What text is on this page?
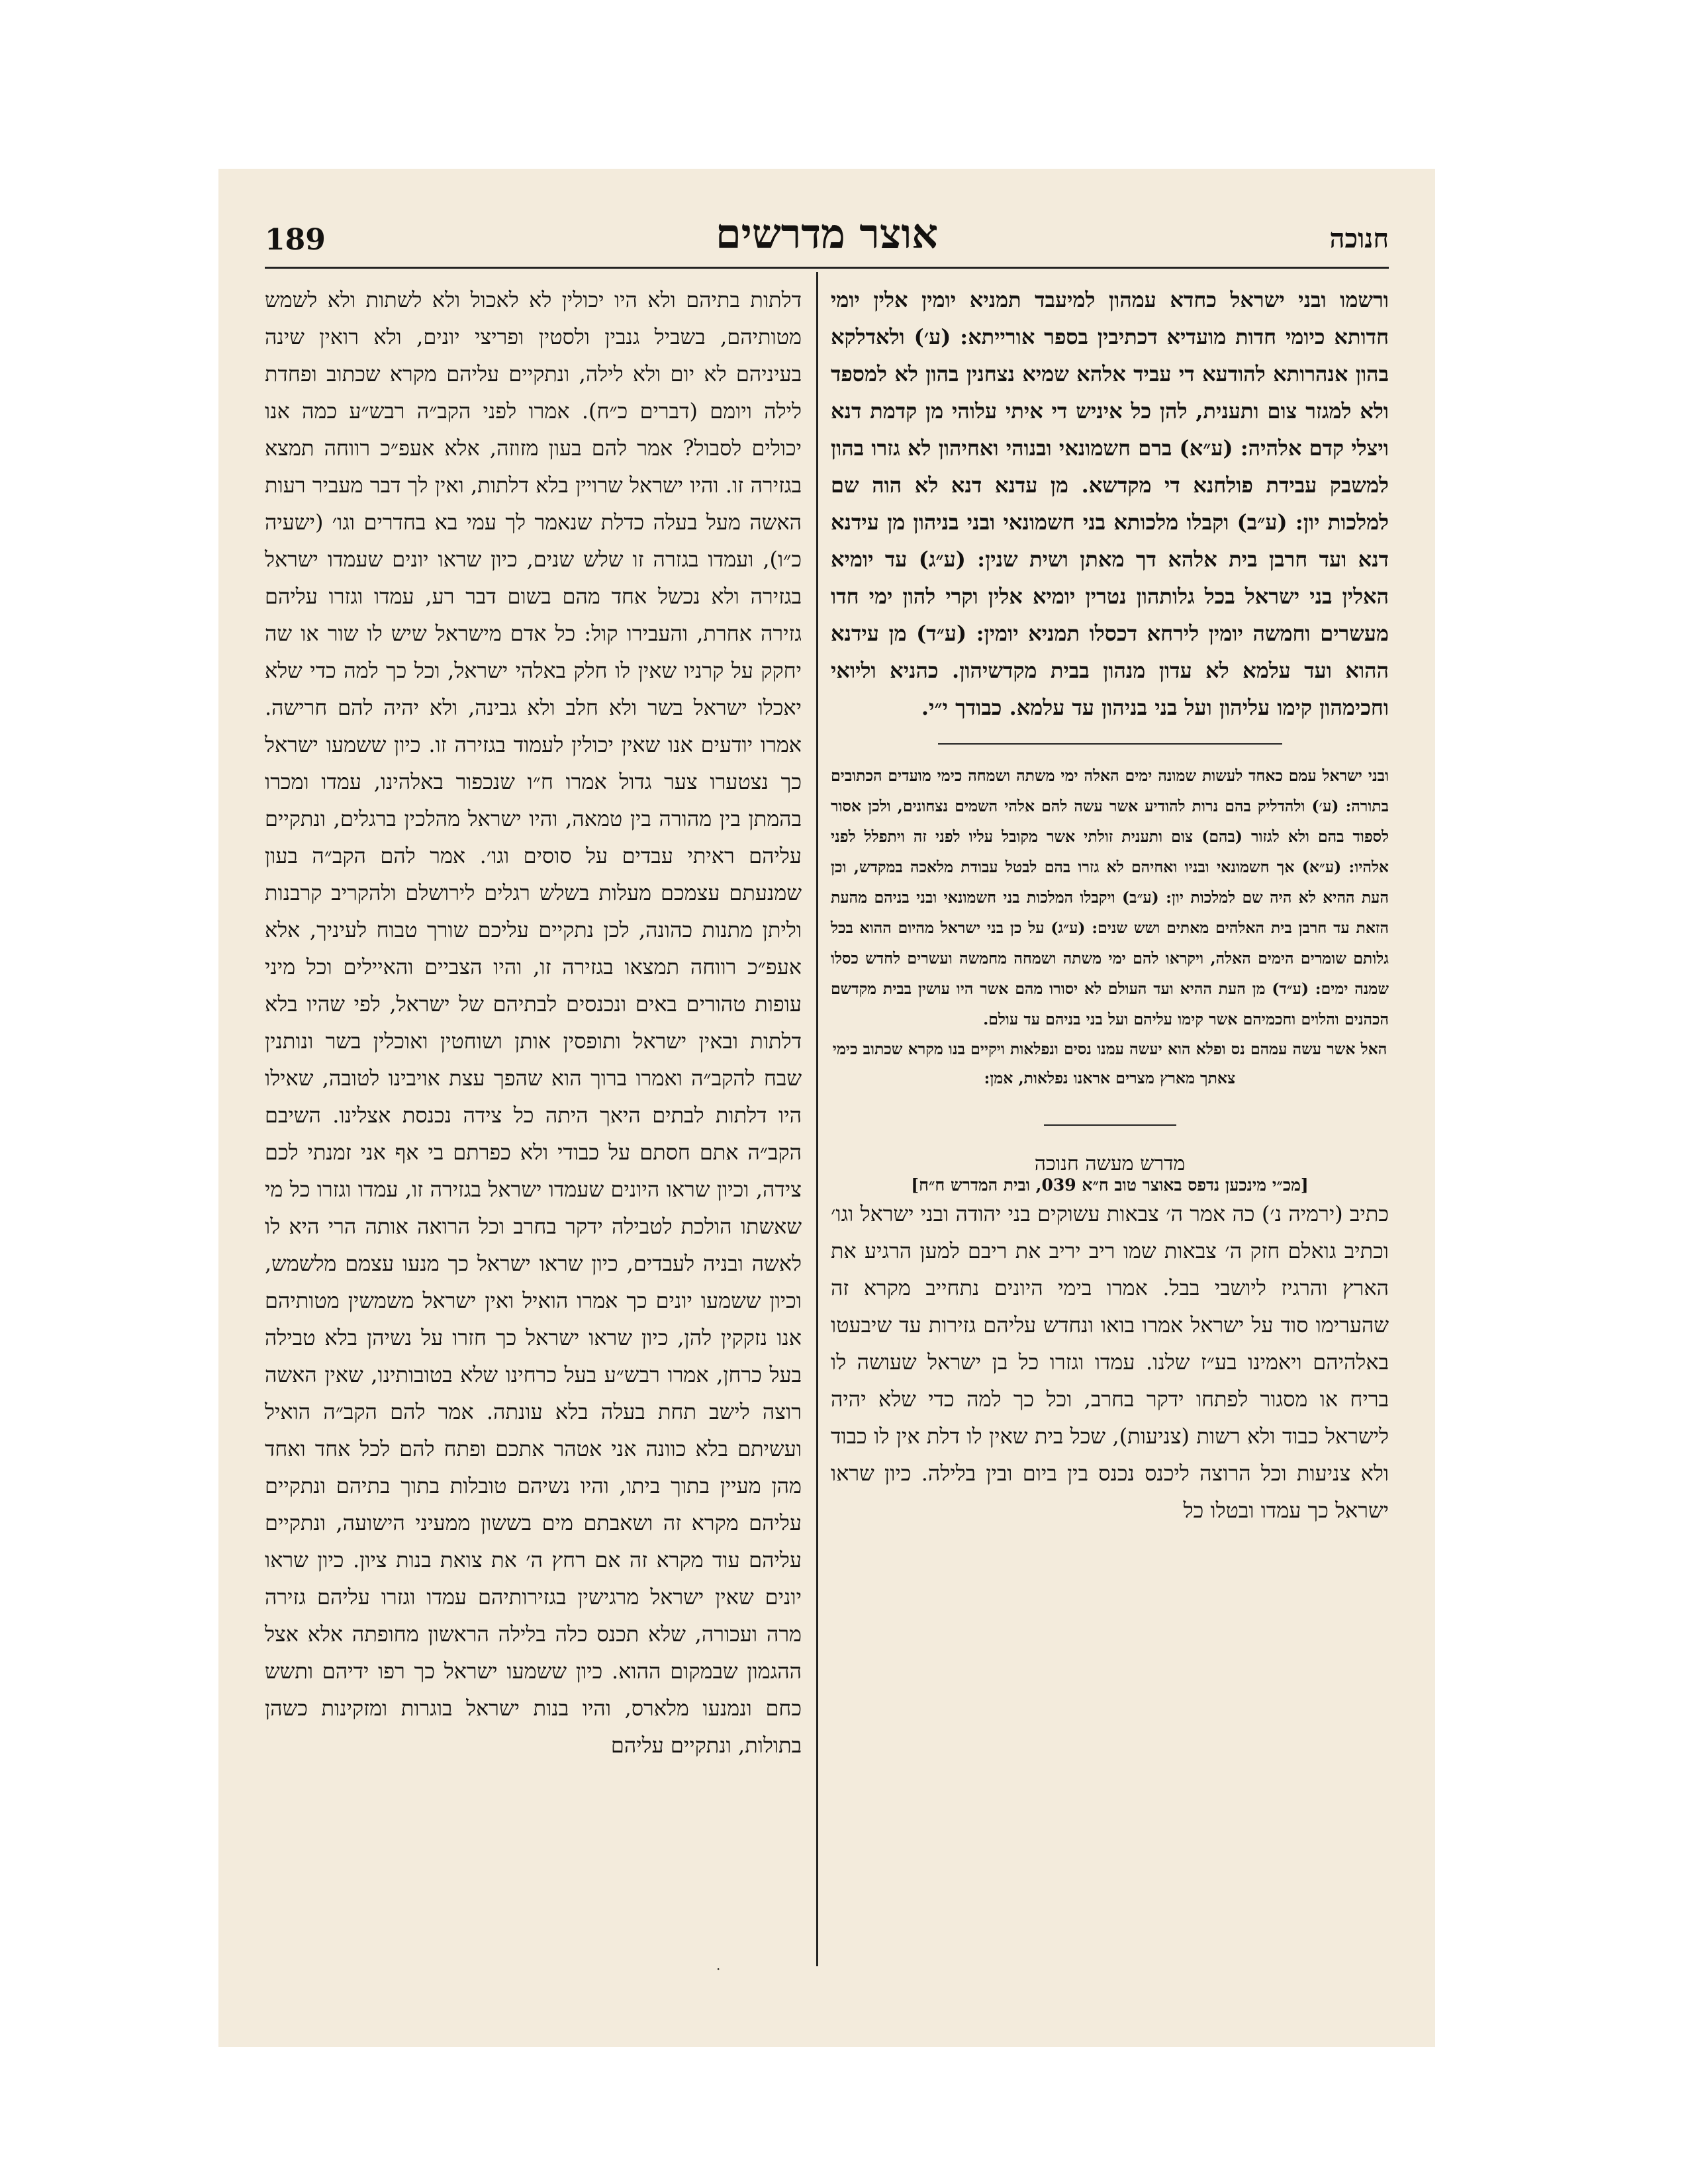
189	אוצר מדרשים	חנוכה

ורשמו ובני ישראל כחדא עמהון למיעבד תמניא יומין אלין יומי חדותא כיומי חדות מועדיא דכתיבין בספר אורייתא: (ע׳) ולאדלקא בהון אנהרותא להודעא די עביד אלהא שמיא נצחנין בהון לא למספד ולא למגזר צום ותענית, להן כל איניש די איתי עלוהי מן קדמת דנא ויצלי קדם אלהיה: (ע״א) ברם חשמונאי ובנוהי ואחיהון לא גזרו בהון למשבק עבידת פולחנא די מקדשא. מן עדנא דנא לא הוה שם למלכות יון: (ע״ב) וקבלו מלכותא בני חשמונאי ובני בניהון מן עידנא דנא ועד חרבן בית אלהא דך מאתן ושית שנין: (ע״ג) עד יומיא האלין בני ישראל בכל גלותהון נטרין יומיא אלין וקרי להון ימי חדו מעשרים וחמשה יומין לירחא דכסלו תמניא יומין: (ע״ד) מן עידנא ההוא ועד עלמא לא עדון מנהון בבית מקדשיהון. כהניא וליואי וחכימהון קימו עליהון ועל בני בניהון עד עלמא. כבודך י״י.

ובני ישראל עמם כאחד לעשות שמונה ימים האלה ימי משתה ושמחה כימי מועדים הכתובים בתורה: (ע׳) ולהדליק בהם נרות להודיע אשר עשה להם אלהי השמים נצחונים, ולכן אסור לספוד בהם ולא לגזור (בהם) צום ותענית זולתי אשר מקובל עליו לפני זה ויתפלל לפני אלהיו: (ע״א) אך חשמונאי ובניו ואחיהם לא גזרו בהם לבטל עבודת מלאכה במקדש, וכן העת ההיא לא היה שם למלכות יון: (ע״ב) ויקבלו המלכות בני חשמונאי ובני בניהם מהעת הזאת עד חרבן בית האלהים מאתים ושש שנים: (ע״ג) על כן בני ישראל מהיום ההוא בכל גלותם שומרים הימים האלה, ויקראו להם ימי משתה ושמחה מחמשה ועשרים לחדש כסלו שמנה ימים: (ע״ד) מן העת ההיא ועד העולם לא יסורו מהם אשר היו עושין בבית מקדשם הכהנים והלוים וחכמיהם אשר קימו עליהם ועל בני בניהם עד עולם.

האל אשר עשה עמהם נס ופלא הוא יעשה עמנו נסים ונפלאות ויקיים בנו מקרא שכתוב כימי צאתך מארץ מצרים אראנו נפלאות, אמן:

מדרש מעשה חנוכה

[מכ״י מינכען נדפס באוצר טוב ח״א 039, ובית המדרש ח״ח]

כתיב (ירמיה נ׳) כה אמר ה׳ צבאות עשוקים בני יהודה ובני ישראל וגו׳ וכתיב גואלם חזק ה׳ צבאות שמו ריב יריב את ריבם למען הרגיע את הארץ והרגיז ליושבי בבל. אמרו בימי היונים נתחייב מקרא זה שהערימו סוד על ישראל אמרו בואו ונחדש עליהם גזירות עד שיבעטו באלהיהם ויאמינו בע״ז שלנו. עמדו וגזרו כל בן ישראל שעושה לו בריח או מסגור לפתחו ידקר בחרב, וכל כך למה כדי שלא יהיה לישראל כבוד ולא רשות (צניעות), שכל בית שאין לו דלת אין לו כבוד ולא צניעות וכל הרוצה ליכנס נכנס בין ביום ובין בלילה. כיון שראו ישראל כך עמדו ובטלו כל

דלתות בתיהם ולא היו יכולין לא לאכול ולא לשתות ולא לשמש מטותיהם, בשביל גנבין ולסטין ופריצי יונים, ולא רואין שינה בעיניהם לא יום ולא לילה, ונתקיים עליהם מקרא שכתוב ופחדת לילה ויומם (דברים כ״ח). אמרו לפני הקב״ה רבש״ע כמה אנו יכולים לסבול? אמר להם בעון מזוזה, אלא אעפ״כ רווחה תמצא בגזירה זו. והיו ישראל שרויין בלא דלתות, ואין לך דבר מעביר רעות האשה מעל בעלה כדלת שנאמר לך עמי בא בחדרים וגו׳ (ישעיה כ״ו), ועמדו בגזרה זו שלש שנים, כיון שראו יונים שעמדו ישראל בגזירה ולא נכשל אחד מהם בשום דבר רע, עמדו וגזרו עליהם גזירה אחרת, והעבירו קול: כל אדם מישראל שיש לו שור או שה יחקק על קרניו שאין לו חלק באלהי ישראל, וכל כך למה כדי שלא יאכלו ישראל בשר ולא חלב ולא גבינה, ולא יהיה להם חרישה. אמרו יודעים אנו שאין יכולין לעמוד בגזירה זו. כיון ששמעו ישראל כך נצטערו צער גדול אמרו ח״ו שנכפור באלהינו, עמדו ומכרו בהמתן בין מהורה בין טמאה, והיו ישראל מהלכין ברגלים, ונתקיים עליהם ראיתי עבדים על סוסים וגו׳. אמר להם הקב״ה בעון שמנעתם עצמכם מעלות בשלש רגלים לירושלם ולהקריב קרבנות וליתן מתנות כהונה, לכן נתקיים עליכם שורך טבוח לעיניך, אלא אעפ״כ רווחה תמצאו בגזירה זו, והיו הצביים והאיילים וכל מיני עופות טהורים באים ונכנסים לבתיהם של ישראל, לפי שהיו בלא דלתות ובאין ישראל ותופסין אותן ושוחטין ואוכלין בשר ונותנין שבח להקב״ה ואמרו ברוך הוא שהפך עצת אויבינו לטובה, שאילו היו דלתות לבתים היאך היתה כל צידה נכנסת אצלינו. השיבם הקב״ה אתם חסתם על כבודי ולא כפרתם בי אף אני זמנתי לכם צידה, וכיון שראו היונים שעמדו ישראל בגזירה זו, עמדו וגזרו כל מי שאשתו הולכת לטבילה ידקר בחרב וכל הרואה אותה הרי היא לו לאשה ובניה לעבדים, כיון שראו ישראל כך מנעו עצמם מלשמש, וכיון ששמעו יונים כך אמרו הואיל ואין ישראל משמשין מטותיהם אנו נזקקין להן, כיון שראו ישראל כך חזרו על נשיהן בלא טבילה בעל כרחן, אמרו רבש״ע בעל כרחינו שלא בטובותינו, שאין האשה רוצה לישב תחת בעלה בלא עונתה. אמר להם הקב״ה הואיל ועשיתם בלא כוונה אני אטהר אתכם ופתח להם לכל אחד ואחד מהן מעיין בתוך ביתו, והיו נשיהם טובלות בתוך בתיהם ונתקיים עליהם מקרא זה ושאבתם מים בששון ממעיני הישועה, ונתקיים עליהם עוד מקרא זה אם רחץ ה׳ את צואת בנות ציון. כיון שראו יונים שאין ישראל מרגישין בגזירותיהם עמדו וגזרו עליהם גזירה מרה ועכורה, שלא תכנס כלה בלילה הראשון מחופתה אלא אצל ההגמון שבמקום ההוא. כיון ששמעו ישראל כך רפו ידיהם ותשש כחם ונמנעו מלארס, והיו בנות ישראל בוגרות ומזקינות כשהן בתולות, ונתקיים עליהם

·
